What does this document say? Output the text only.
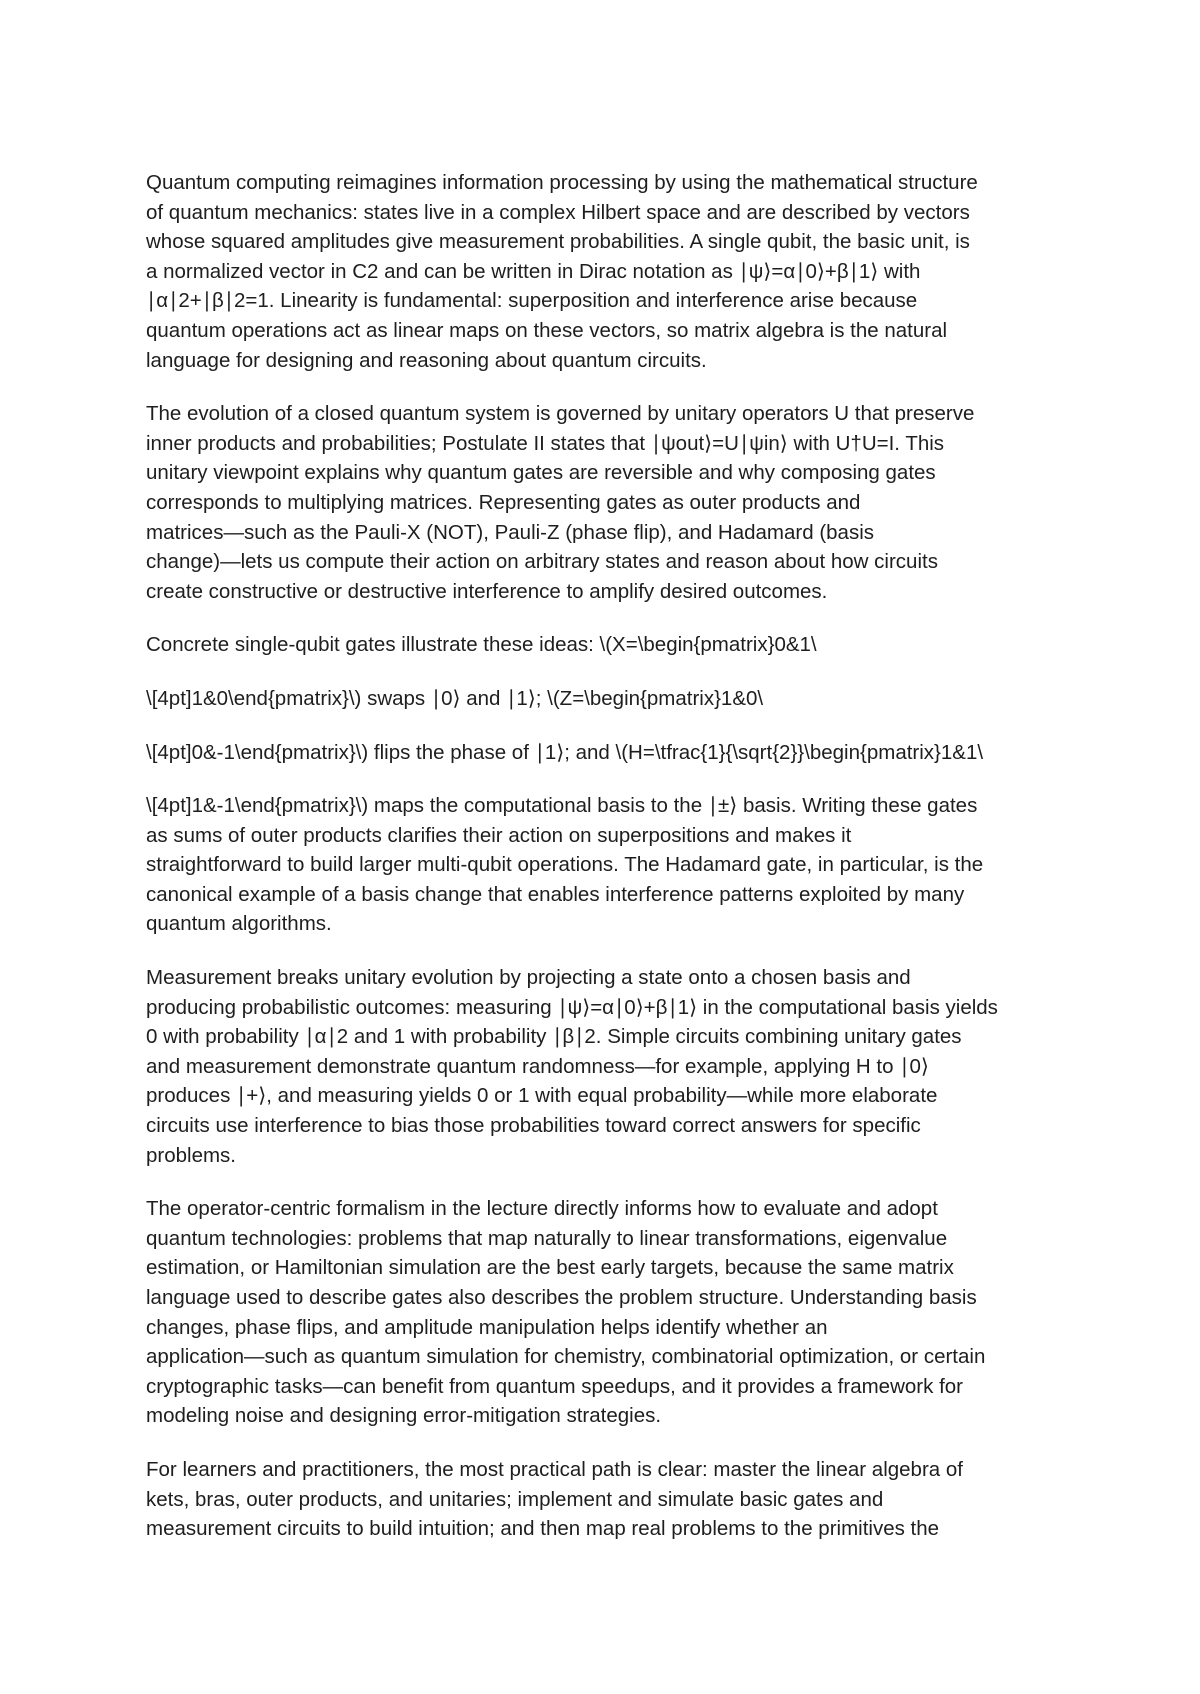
Quantum computing reimagines information processing by using the mathematical structure
of quantum mechanics: states live in a complex Hilbert space and are described by vectors
whose squared amplitudes give measurement probabilities. A single qubit, the basic unit, is
a normalized vector in C2 and can be written in Dirac notation as ∣ψ⟩=α∣0⟩+β∣1⟩ with
∣α∣2+∣β∣2=1. Linearity is fundamental: superposition and interference arise because
quantum operations act as linear maps on these vectors, so matrix algebra is the natural
language for designing and reasoning about quantum circuits.

The evolution of a closed quantum system is governed by unitary operators U that preserve
inner products and probabilities; Postulate II states that ∣ψout⟩=U∣ψin⟩ with U†U=I. This
unitary viewpoint explains why quantum gates are reversible and why composing gates
corresponds to multiplying matrices. Representing gates as outer products and
matrices—such as the Pauli-X (NOT), Pauli-Z (phase flip), and Hadamard (basis
change)—lets us compute their action on arbitrary states and reason about how circuits
create constructive or destructive interference to amplify desired outcomes.

Concrete single-qubit gates illustrate these ideas: \(X=\begin{pmatrix}0&1\

\[4pt]1&0\end{pmatrix}\) swaps ∣0⟩ and ∣1⟩; \(Z=\begin{pmatrix}1&0\

\[4pt]0&-1\end{pmatrix}\) flips the phase of ∣1⟩; and \(H=\tfrac{1}{\sqrt{2}}\begin{pmatrix}1&1\

\[4pt]1&-1\end{pmatrix}\) maps the computational basis to the ∣±⟩ basis. Writing these gates
as sums of outer products clarifies their action on superpositions and makes it
straightforward to build larger multi-qubit operations. The Hadamard gate, in particular, is the
canonical example of a basis change that enables interference patterns exploited by many
quantum algorithms.

Measurement breaks unitary evolution by projecting a state onto a chosen basis and
producing probabilistic outcomes: measuring ∣ψ⟩=α∣0⟩+β∣1⟩ in the computational basis yields
0 with probability ∣α∣2 and 1 with probability ∣β∣2. Simple circuits combining unitary gates
and measurement demonstrate quantum randomness—for example, applying H to ∣0⟩
produces ∣+⟩, and measuring yields 0 or 1 with equal probability—while more elaborate
circuits use interference to bias those probabilities toward correct answers for specific
problems.

The operator-centric formalism in the lecture directly informs how to evaluate and adopt
quantum technologies: problems that map naturally to linear transformations, eigenvalue
estimation, or Hamiltonian simulation are the best early targets, because the same matrix
language used to describe gates also describes the problem structure. Understanding basis
changes, phase flips, and amplitude manipulation helps identify whether an
application—such as quantum simulation for chemistry, combinatorial optimization, or certain
cryptographic tasks—can benefit from quantum speedups, and it provides a framework for
modeling noise and designing error-mitigation strategies.

For learners and practitioners, the most practical path is clear: master the linear algebra of
kets, bras, outer products, and unitaries; implement and simulate basic gates and
measurement circuits to build intuition; and then map real problems to the primitives the
